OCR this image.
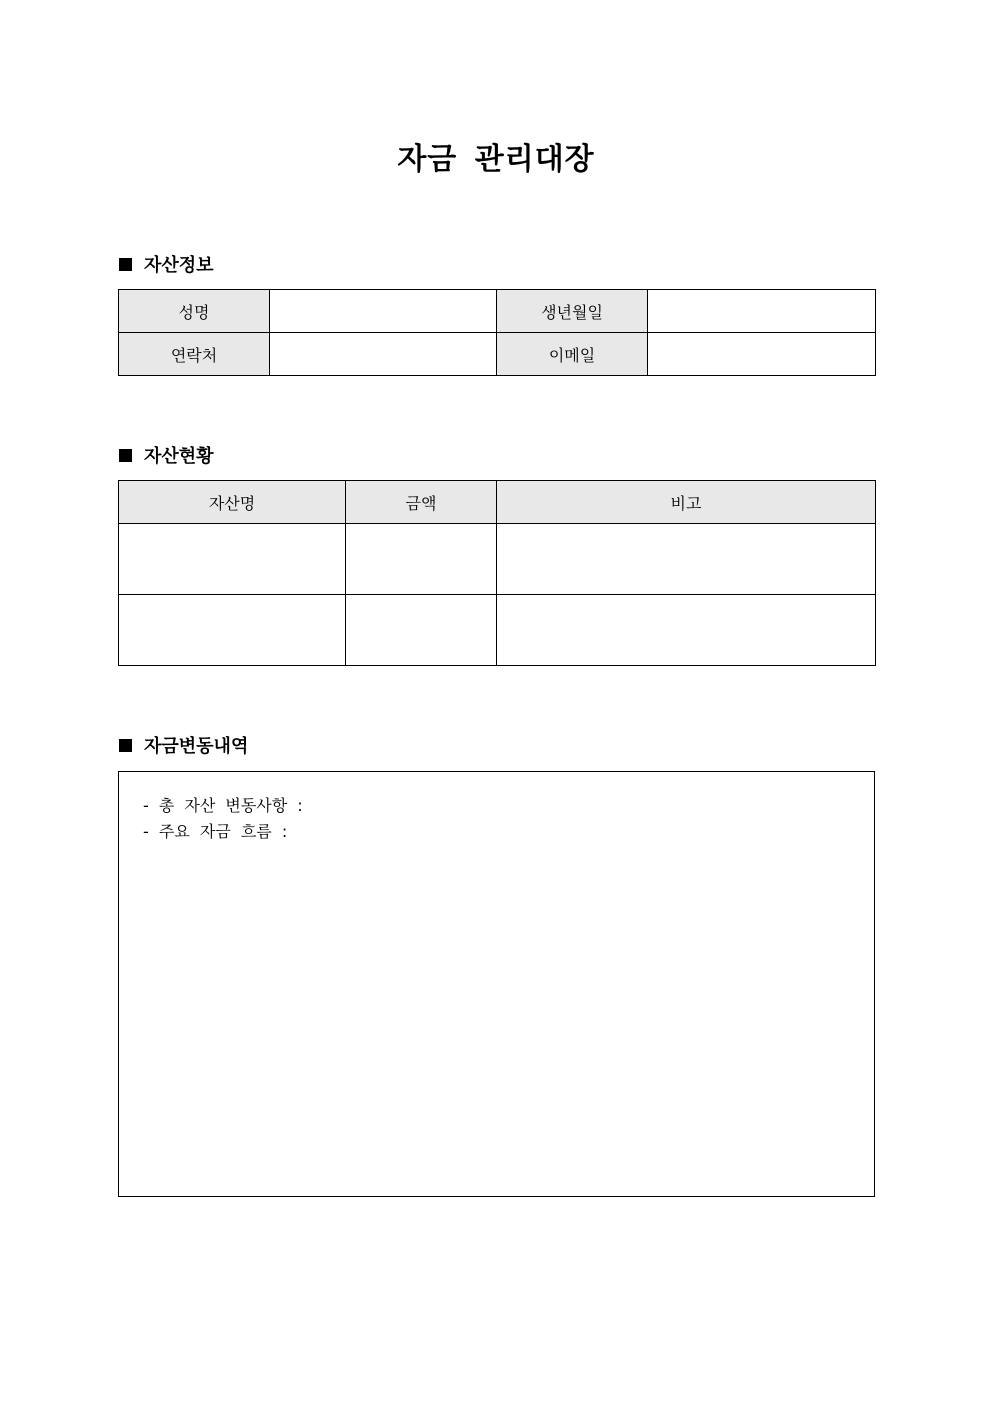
자금 관리대장
자산정보
성명		생년월일	
연락처		이메일	
자산현황
자산명	금액	비고

자금변동내역
- 총 자산 변동사항 :
- 주요 자금 흐름 :
